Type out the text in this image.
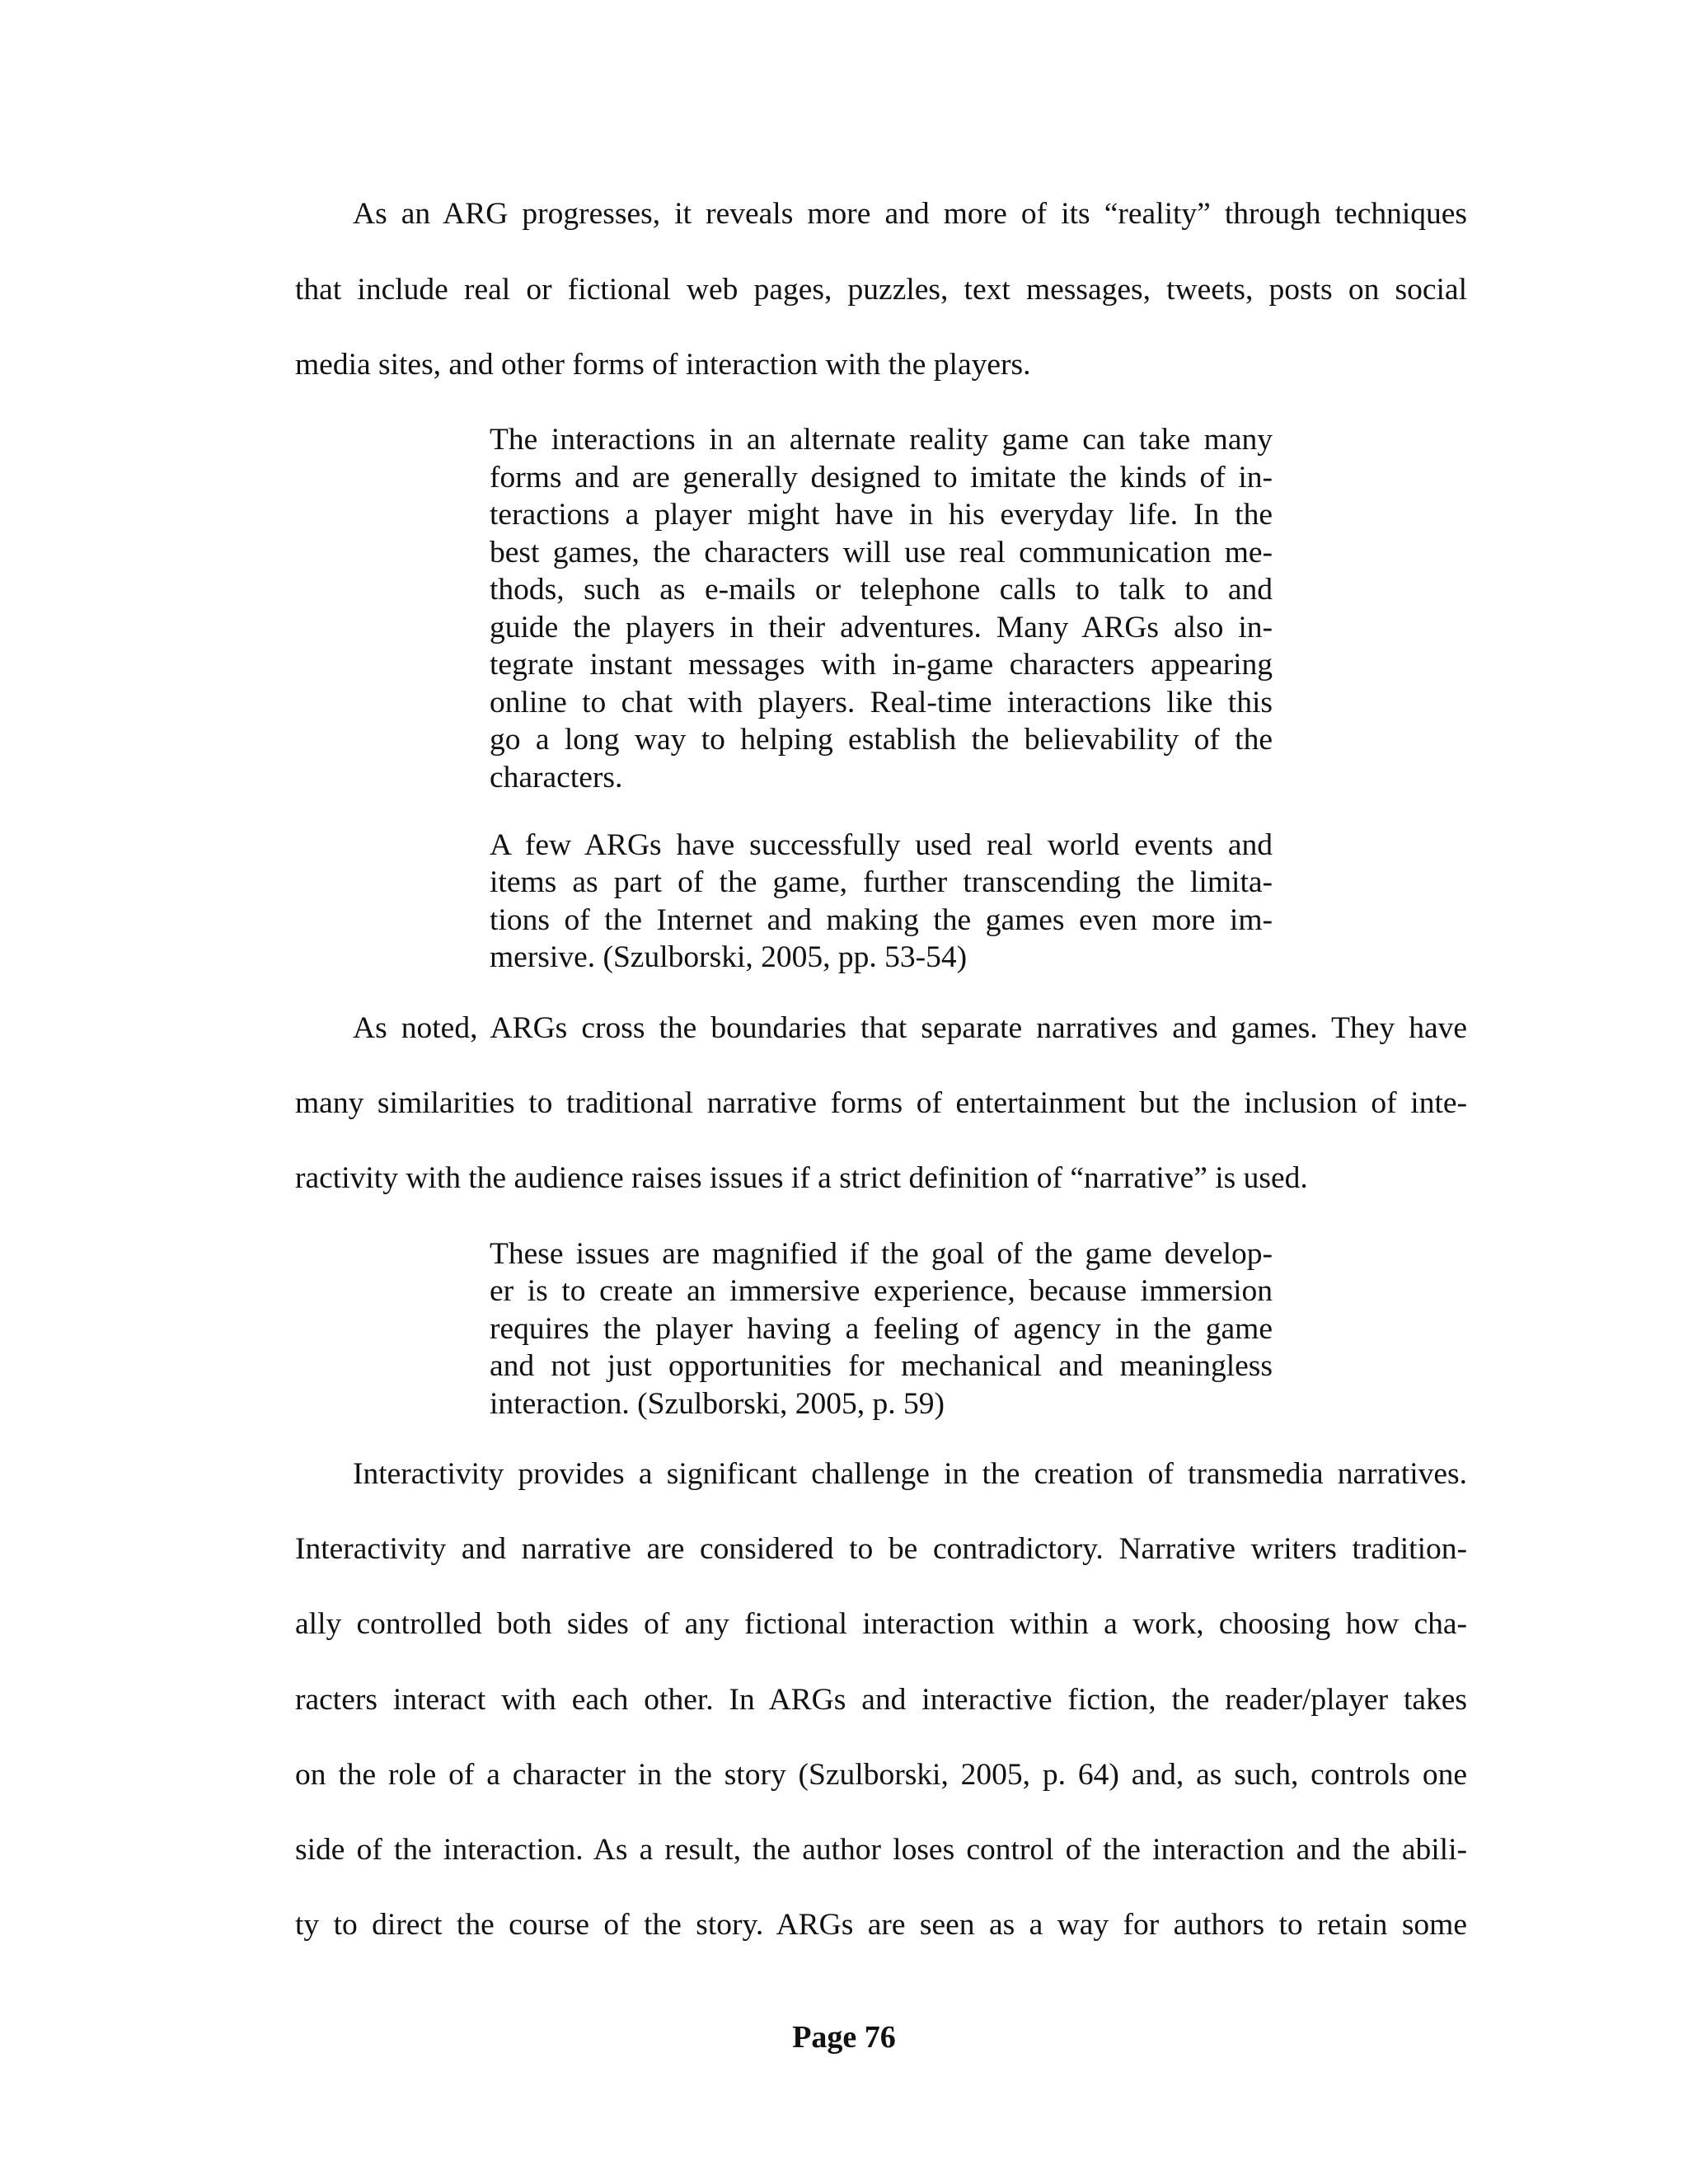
As an ARG progresses, it reveals more and more of its “reality” through techniques
that include real or fictional web pages, puzzles, text messages, tweets, posts on social
media sites, and other forms of interaction with the players.
The interactions in an alternate reality game can take many
forms and are generally designed to imitate the kinds of in-
teractions a player might have in his everyday life. In the
best games, the characters will use real communication me-
thods, such as e-mails or telephone calls to talk to and
guide the players in their adventures. Many ARGs also in-
tegrate instant messages with in-game characters appearing
online to chat with players. Real-time interactions like this
go a long way to helping establish the believability of the
characters.
A few ARGs have successfully used real world events and
items as part of the game, further transcending the limita-
tions of the Internet and making the games even more im-
mersive. (Szulborski, 2005, pp. 53-54)
As noted, ARGs cross the boundaries that separate narratives and games. They have
many similarities to traditional narrative forms of entertainment but the inclusion of inte-
ractivity with the audience raises issues if a strict definition of “narrative” is used.
These issues are magnified if the goal of the game develop-
er is to create an immersive experience, because immersion
requires the player having a feeling of agency in the game
and not just opportunities for mechanical and meaningless
interaction. (Szulborski, 2005, p. 59)
Interactivity provides a significant challenge in the creation of transmedia narratives.
Interactivity and narrative are considered to be contradictory. Narrative writers tradition-
ally controlled both sides of any fictional interaction within a work, choosing how cha-
racters interact with each other. In ARGs and interactive fiction, the reader/player takes
on the role of a character in the story (Szulborski, 2005, p. 64) and, as such, controls one
side of the interaction. As a result, the author loses control of the interaction and the abili-
ty to direct the course of the story. ARGs are seen as a way for authors to retain some
Page 76
